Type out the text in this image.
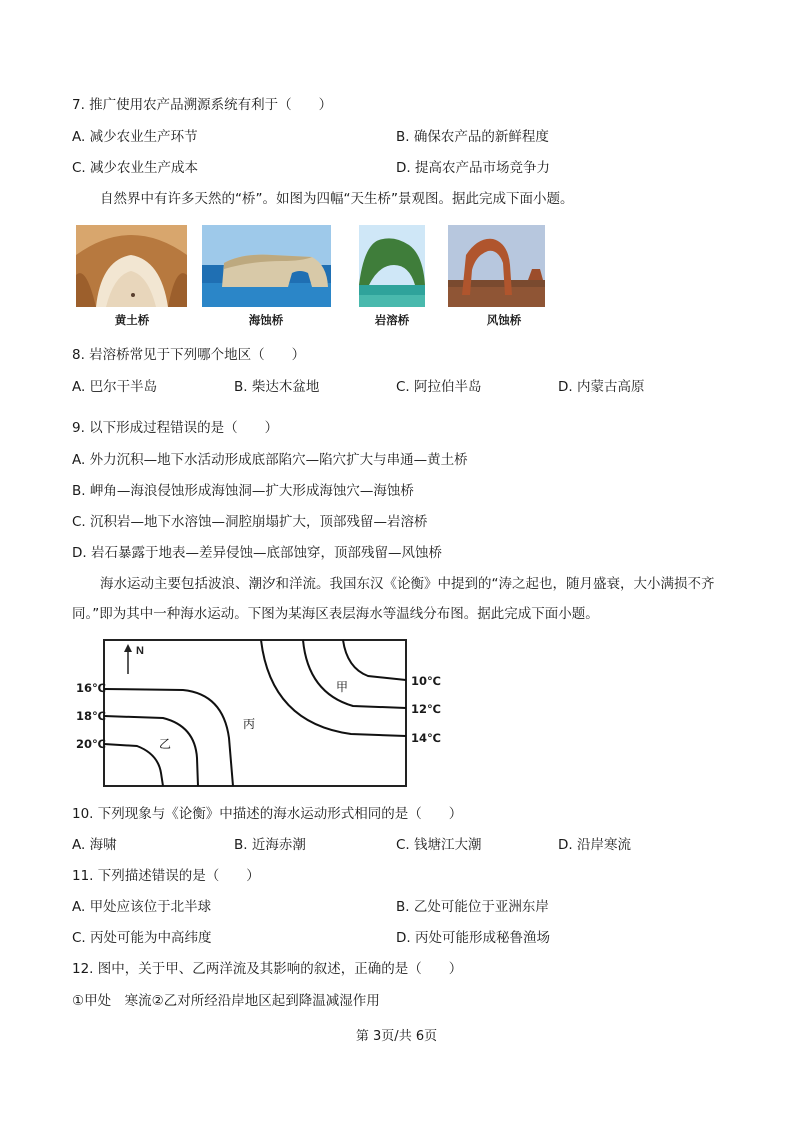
7. 推广使用农产品溯源系统有利于（　　）
A. 减少农业生产环节	B. 确保农产品的新鲜程度
C. 减少农业生产成本	D. 提高农产品市场竞争力
自然界中有许多天然的“桥”。如图为四幅“天生桥”景观图。据此完成下面小题。
黄土桥	海蚀桥	岩溶桥	风蚀桥
8. 岩溶桥常见于下列哪个地区（　　）
A. 巴尔干半岛	B. 柴达木盆地	C. 阿拉伯半岛	D. 内蒙古高原
9. 以下形成过程错误的是（　　）
A. 外力沉积—地下水活动形成底部陷穴—陷穴扩大与串通—黄土桥
B. 岬角—海浪侵蚀形成海蚀洞—扩大形成海蚀穴—海蚀桥
C. 沉积岩—地下水溶蚀—洞腔崩塌扩大，顶部残留—岩溶桥
D. 岩石暴露于地表—差异侵蚀—底部蚀穿，顶部残留—风蚀桥
海水运动主要包括波浪、潮汐和洋流。我国东汉《论衡》中提到的“涛之起也，随月盛衰，大小满损不齐同。”即为其中一种海水运动。下图为某海区表层海水等温线分布图。据此完成下面小题。
N
甲
丙
乙
16℃
18℃
20℃
10℃
12℃
14℃
10. 下列现象与《论衡》中描述的海水运动形式相同的是（　　）
A. 海啸	B. 近海赤潮	C. 钱塘江大潮	D. 沿岸寒流
11. 下列描述错误的是（　　）
A. 甲处应该位于北半球	B. 乙处可能位于亚洲东岸
C. 丙处可能为中高纬度	D. 丙处可能形成秘鲁渔场
12. 图中，关于甲、乙两洋流及其影响的叙述，正确的是（　　）
①甲处　寒流②乙对所经沿岸地区起到降温减湿作用
第 3页/共 6页
